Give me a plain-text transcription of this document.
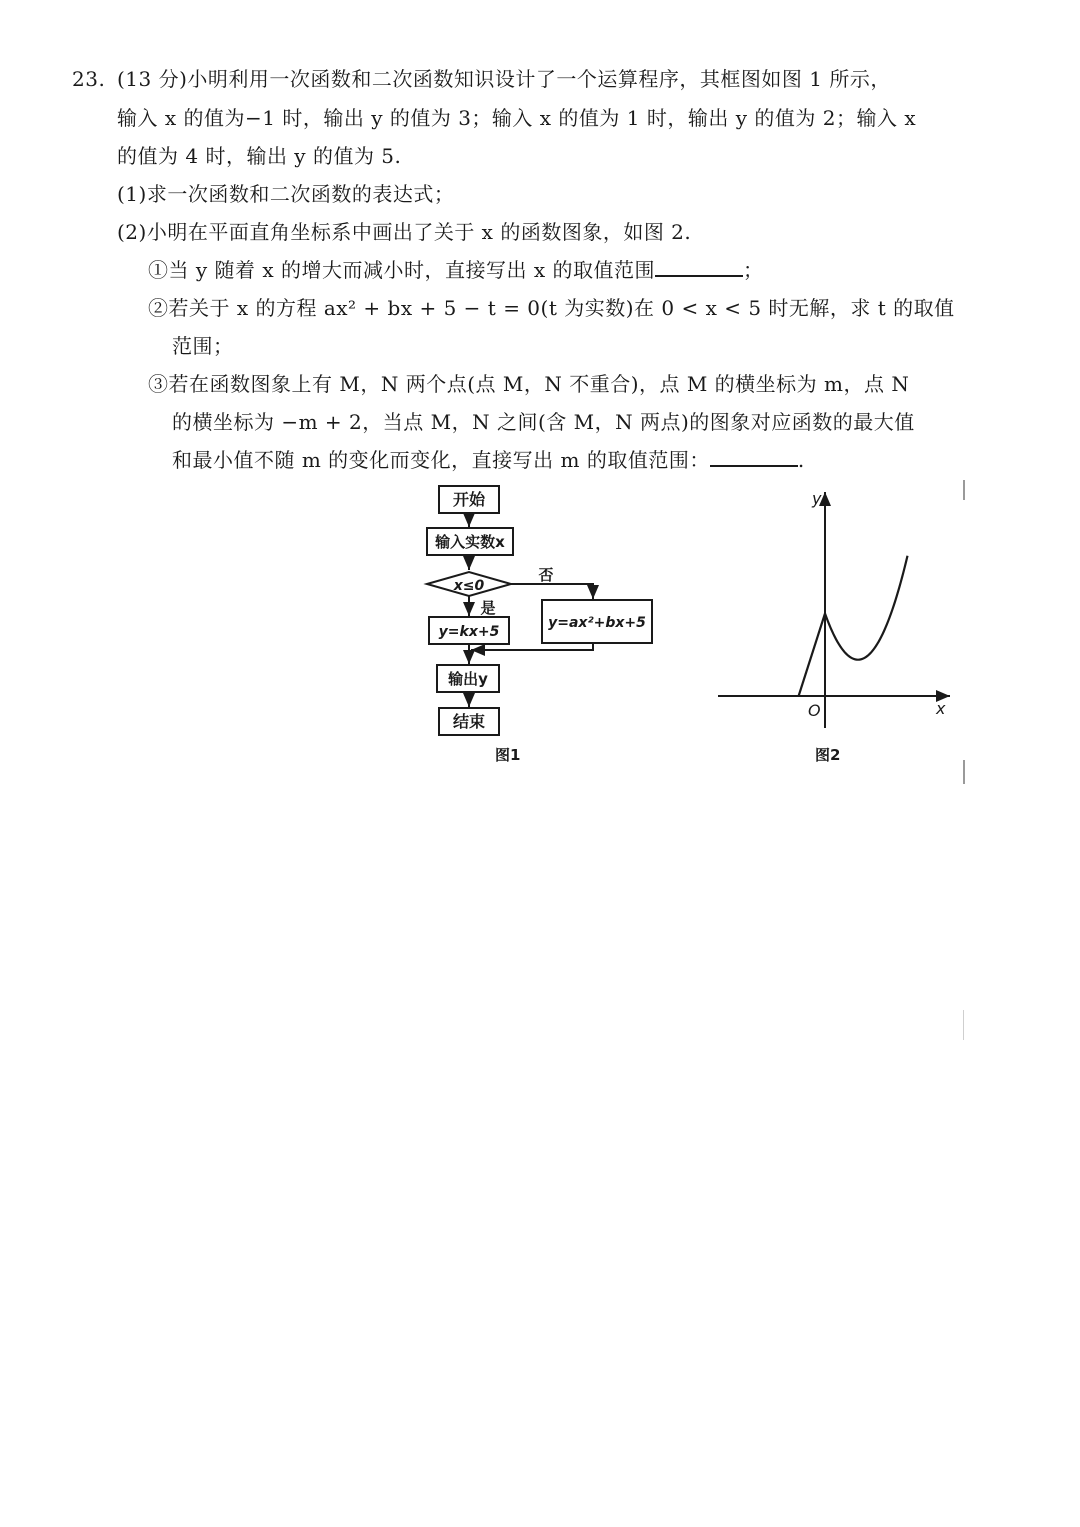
23. (13 分)小明利用一次函数和二次函数知识设计了一个运算程序，其框图如图 1 所示，
输入 x 的值为−1 时，输出 y 的值为 3；输入 x 的值为 1 时，输出 y 的值为 2；输入 x
的值为 4 时，输出 y 的值为 5.
(1)求一次函数和二次函数的表达式；
(2)小明在平面直角坐标系中画出了关于 x 的函数图象，如图 2.
①当 y 随着 x 的增大而减小时，直接写出 x 的取值范围	；
②若关于 x 的方程 ax² + bx + 5 − t = 0(t 为实数)在 0 < x < 5 时无解，求 t 的取值
范围；
③若在函数图象上有 M，N 两个点(点 M，N 不重合)，点 M 的横坐标为 m，点 N
的横坐标为 −m + 2，当点 M，N 之间(含 M，N 两点)的图象对应函数的最大值
和最小值不随 m 的变化而变化，直接写出 m 的取值范围：	.
开始
输入实数x
x≤0
否
是
y=kx+5
y=ax²+bx+5
输出y
结束
图1
y
x
O
图2
